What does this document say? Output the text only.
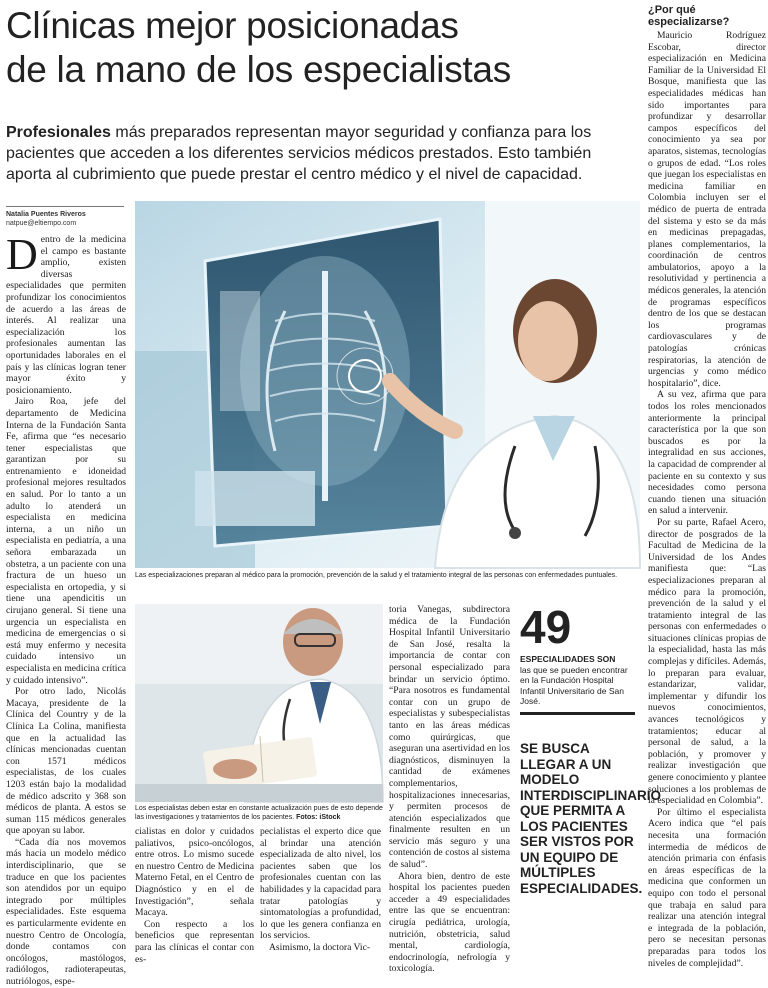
Clínicas mejor posicionadas
de la mano de los especialistas

Profesionales más preparados representan mayor seguridad y confianza para los pacientes que acceden a los diferentes servicios médicos prestados. Esto también aporta al cubrimiento que puede prestar el centro médico y el nivel de capacidad.

Natalia Puentes Riveros
natpue@eltiempo.com

Dentro de la medicina el campo es bastante amplio, existen diversas especialidades que permiten profundizar los conocimientos de acuerdo a las áreas de interés. Al realizar una especialización los profesionales aumentan las oportunidades laborales en el país y las clínicas logran tener mayor éxito y posicionamiento.

Jairo Roa, jefe del departamento de Medicina Interna de la Fundación Santa Fe, afirma que “es necesario tener especialistas que garantizan por su entrenamiento e idoneidad profesional mejores resultados en salud. Por lo tanto a un adulto lo atenderá un especialista en medicina interna, a un niño un especialista en pediatría, a una señora embarazada un obstetra, a un paciente con una fractura de un hueso un especialista en ortopedia, y si tiene una apendicitis un cirujano general. Si tiene una urgencia un especialista en medicina de emergencias o si está muy enfermo y necesita cuidado intensivo un especialista en medicina crítica y cuidado intensivo”.

Por otro lado, Nicolás Macaya, presidente de la Clínica del Country y de la Clínica La Colina, manifiesta que en la actualidad las clínicas mencionadas cuentan con 1571 médicos especialistas, de los cuales 1203 están bajo la modalidad de médico adscrito y 368 son médicos de planta. A estos se suman 115 médicos generales que apoyan su labor.

“Cada día nos movemos más hacia un modelo médico interdisciplinario, que se traduce en que los pacientes son atendidos por un equipo integrado por múltiples especialidades. Este esquema es particularmente evidente en nuestro Centro de Oncología, donde contamos con oncólogos, mastólogos, radiólogos, radioterapeutas, nutriólogos, espe-

Las especializaciones preparan al médico para la promoción, prevención de la salud y el tratamiento integral de las personas con enfermedades puntuales.
Los especialistas deben estar en constante actualización pues de esto depende las investigaciones y tratamientos de los pacientes. Fotos: iStock

cialistas en dolor y cuidados paliativos, psico-oncólogos, entre otros. Lo mismo sucede en nuestro Centro de Medicina Materno Fetal, en el Centro de Diagnóstico y en el de Investigación”, señala Macaya.

Con respecto a los beneficios que representan para las clínicas el contar con es-

pecialistas el experto dice que al brindar una atención especializada de alto nivel, los pacientes saben que los profesionales cuentan con las habilidades y la capacidad para tratar patologías y sintomatologías a profundidad, lo que les genera confianza en los servicios.

Asimismo, la doctora Vic-

toria Vanegas, subdirectora médica de la Fundación Hospital Infantil Universitario de San José, resalta la importancia de contar con personal especializado para brindar un servicio óptimo. “Para nosotros es fundamental contar con un grupo de especialistas y subespecialistas tanto en las áreas médicas como quirúrgicas, que aseguran una asertividad en los diagnósticos, disminuyen la cantidad de exámenes complementarios, hospitalizaciones innecesarias, y permiten procesos de atención especializados que finalmente resulten en un servicio más seguro y una contención de costos al sistema de salud”.

Ahora bien, dentro de este hospital los pacientes pueden acceder a 49 especialidades entre las que se encuentran: cirugía pediátrica, urología, nutrición, obstetricia, salud mental, cardiología, endocrinología, nefrología y toxicología.

49
ESPECIALIDADES SON
las que se pueden encontrar en la Fundación Hospital Infantil Universitario de San José.
SE BUSCA LLEGAR A UN MODELO INTERDISCIPLINARIO QUE PERMITA A LOS PACIENTES SER VISTOS POR UN EQUIPO DE MÚLTIPLES ESPECIALIDADES.
¿Por qué especializarse?

Mauricio Rodríguez Escobar, director especialización en Medicina Familiar de la Universidad El Bosque, manifiesta que las especialidades médicas han sido importantes para profundizar y desarrollar campos específicos del conocimiento ya sea por aparatos, sistemas, tecnologías o grupos de edad. “Los roles que juegan los especialistas en medicina familiar en Colombia incluyen ser el médico de puerta de entrada del sistema y esto se da más en medicinas prepagadas, planes complementarios, la coordinación de centros ambulatorios, apoyo a la resolutividad y pertinencia a médicos generales, la atención de programas específicos dentro de los que se destacan los programas cardiovasculares y de patologías crónicas respiratorias, la atención de urgencias y como médico hospitalario”, dice.

A su vez, afirma que para todos los roles mencionados anteriormente la principal característica por la que son buscados es por la integralidad en sus acciones, la capacidad de comprender al paciente en su contexto y sus necesidades como persona cuando tienen una situación en salud a intervenir.

Por su parte, Rafael Acero, director de posgrados de la Facultad de Medicina de la Universidad de los Andes manifiesta que: “Las especializaciones preparan al médico para la promoción, prevención de la salud y el tratamiento integral de las personas con enfermedades o situaciones clínicas propias de la especialidad, hasta las más complejas y difíciles. Además, lo preparan para evaluar, estandarizar, validar, implementar y difundir los nuevos conocimientos, avances tecnológicos y tratamientos; educar al personal de salud, a la población, y promover y realizar investigación que genere conocimiento y plantee soluciones a los problemas de la especialidad en Colombia”.

Por último el especialista Acero indica que “el país necesita una formación intermedia de médicos de atención primaria con énfasis en áreas específicas de la medicina que conformen un equipo con todo el personal que trabaja en salud para realizar una atención integral e integrada de la población, pero se necesitan personas preparadas para todos los niveles de complejidad”.
